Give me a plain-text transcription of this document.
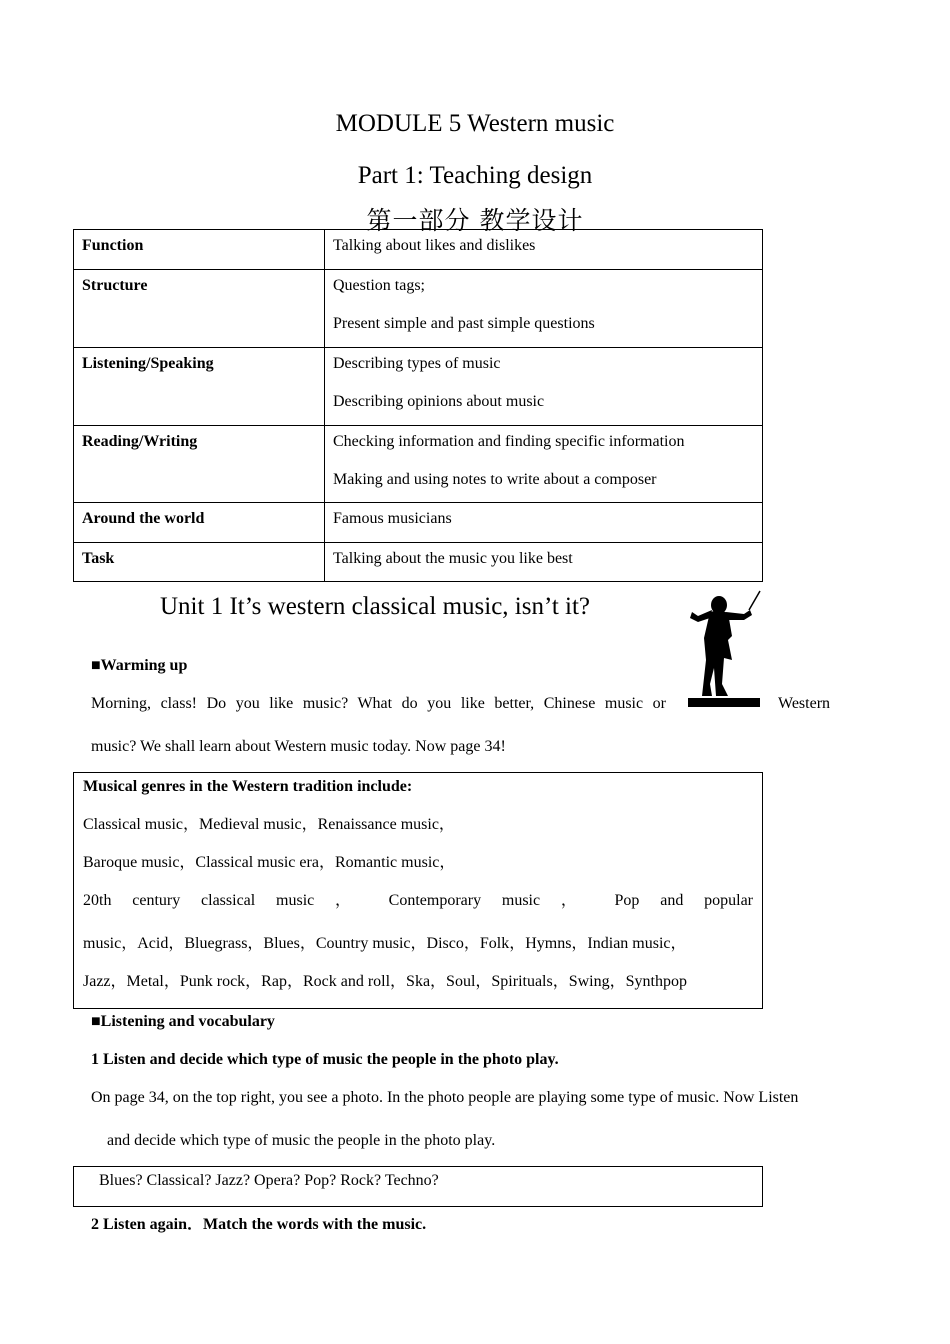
MODULE 5 Western music
Part 1: Teaching design
第一部分 教学设计
Function	Talking about likes and dislikes

Structure	Question tags;
Present simple and past simple questions

Listening/Speaking	Describing types of music
Describing opinions about music

Reading/Writing	Checking information and finding specific information
Making and using notes to write about a composer

Around the world	Famous musicians

Task	Talking about the music you like best
Unit 1 It’s western classical music, isn’t it?
■Warming up
Morning, class! Do you like music? What do you like better, Chinese music or	Western
music? We shall learn about Western music today. Now page 34!
Musical genres in the Western tradition include:
Classical music，Medieval music，Renaissance music，
Baroque music，Classical music era，Romantic music，
20th century classical music ， Contemporary music ， Pop and popular
music，Acid，Bluegrass，Blues，Country music，Disco，Folk，Hymns，Indian music，
Jazz，Metal，Punk rock，Rap，Rock and roll，Ska，Soul，Spirituals，Swing，Synthpop
■Listening and vocabulary
1 Listen and decide which type of music the people in the photo play.
On page 34, on the top right, you see a photo. In the photo people are playing some type of music. Now Listen
and decide which type of music the people in the photo play.
Blues? Classical? Jazz? Opera? Pop? Rock? Techno?
2 Listen again．Match the words with the music.
